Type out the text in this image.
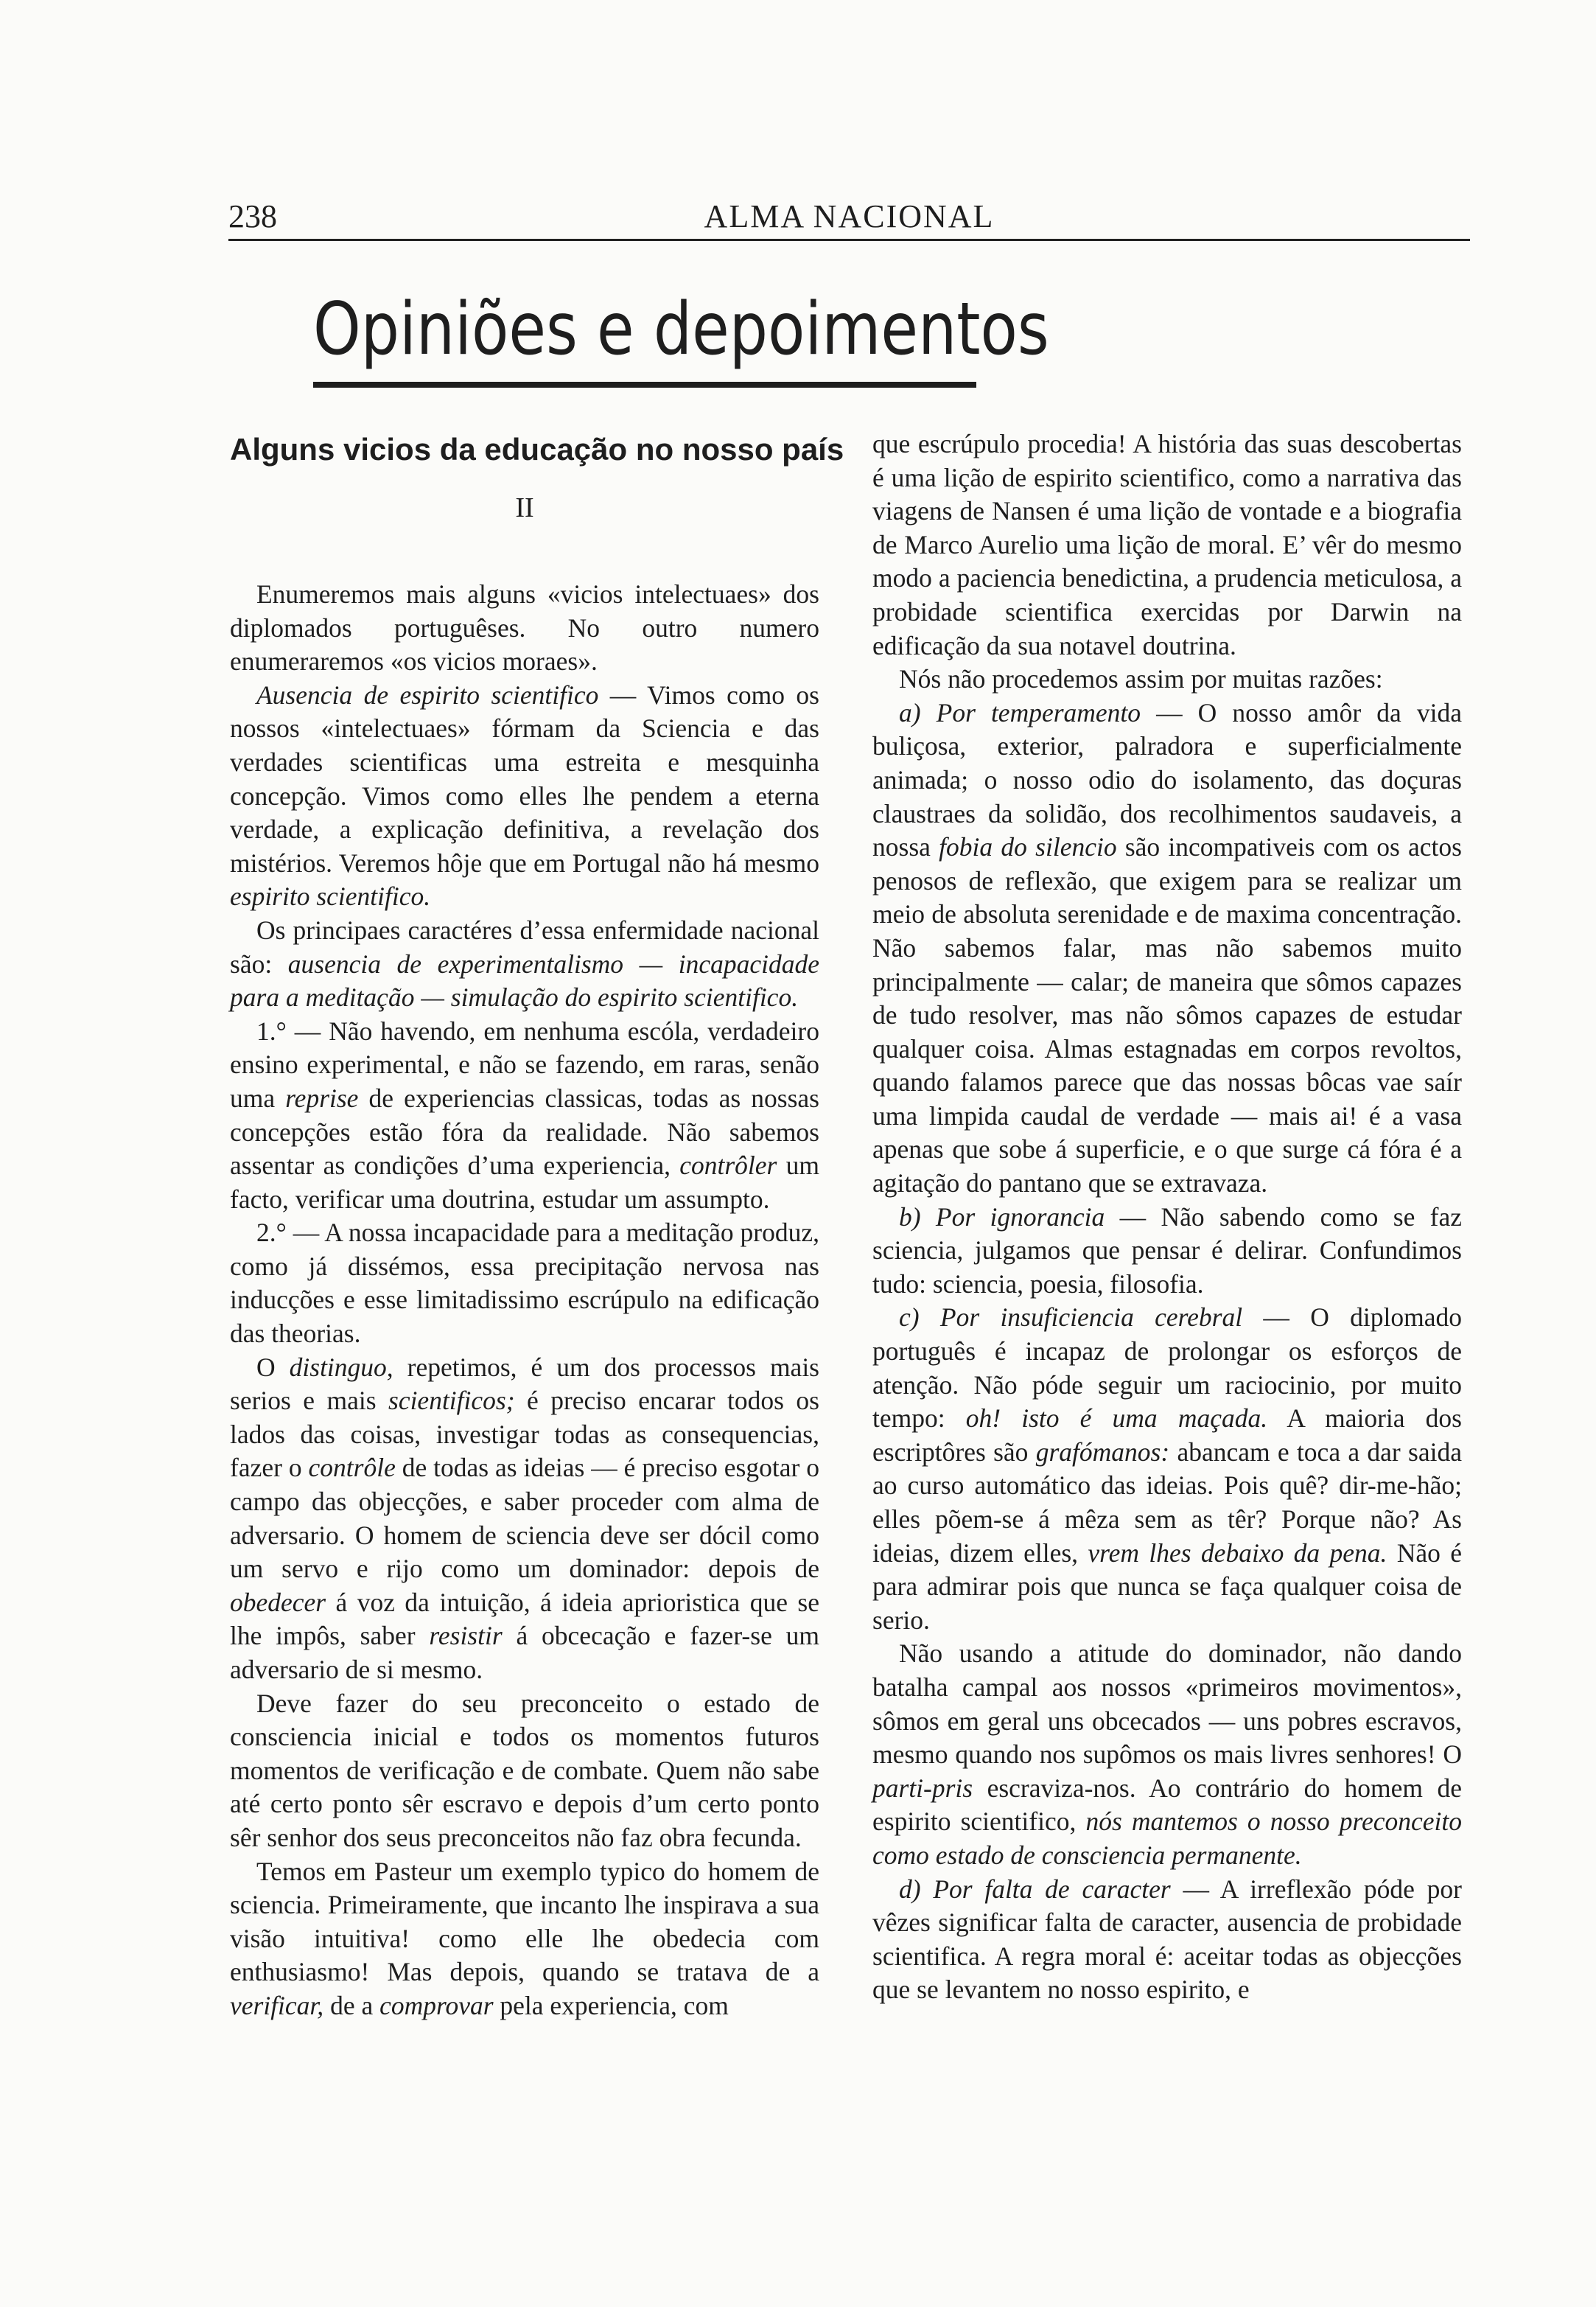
238	ALMA NACIONAL
Opiniões e depoimentos
Alguns vicios da educação no nosso país
II

Enumeremos mais alguns «vicios intelectuaes» dos diplomados portuguêses. No outro numero enumeraremos «os vicios moraes».

Ausencia de espirito scientifico — Vimos como os nossos «intelectuaes» fórmam da Sciencia e das verdades scientificas uma estreita e mesquinha concepção. Vimos como elles lhe pendem a eterna verdade, a explicação definitiva, a revelação dos mistérios. Veremos hôje que em Portugal não há mesmo espirito scientifico.

Os principaes caractéres d’essa enfermidade nacional são: ausencia de experimentalismo — incapacidade para a meditação — simulação do espirito scientifico.

1.° — Não havendo, em nenhuma escóla, verdadeiro ensino experimental, e não se fazendo, em raras, senão uma reprise de experiencias classicas, todas as nossas concepções estão fóra da realidade. Não sabemos assentar as condições d’uma experiencia, contrôler um facto, verificar uma doutrina, estudar um assumpto.

2.° — A nossa incapacidade para a meditação produz, como já dissémos, essa precipitação nervosa nas inducções e esse limitadissimo escrúpulo na edificação das theorias.

O distinguo, repetimos, é um dos processos mais serios e mais scientificos; é preciso encarar todos os lados das coisas, investigar todas as consequencias, fazer o contrôle de todas as ideias — é preciso esgotar o campo das objecções, e saber proceder com alma de adversario. O homem de sciencia deve ser dócil como um servo e rijo como um dominador: depois de obedecer á voz da intuição, á ideia aprioristica que se lhe impôs, saber resistir á obcecação e fazer-se um adversario de si mesmo.

Deve fazer do seu preconceito o estado de consciencia inicial e todos os momentos futuros momentos de verificação e de combate. Quem não sabe até certo ponto sêr escravo e depois d’um certo ponto sêr senhor dos seus preconceitos não faz obra fecunda.

Temos em Pasteur um exemplo typico do homem de sciencia. Primeiramente, que incanto lhe inspirava a sua visão intuitiva! como elle lhe obedecia com enthusiasmo! Mas depois, quando se tratava de a verificar, de a comprovar pela experiencia, com

que escrúpulo procedia! A história das suas descobertas é uma lição de espirito scientifico, como a narrativa das viagens de Nansen é uma lição de vontade e a biografia de Marco Aurelio uma lição de moral. E’ vêr do mesmo modo a paciencia benedictina, a prudencia meticulosa, a probidade scientifica exercidas por Darwin na edificação da sua notavel doutrina.

Nós não procedemos assim por muitas razões:

a) Por temperamento — O nosso amôr da vida buliçosa, exterior, palradora e superficialmente animada; o nosso odio do isolamento, das doçuras claustraes da solidão, dos recolhimentos saudaveis, a nossa fobia do silencio são incompativeis com os actos penosos de reflexão, que exigem para se realizar um meio de absoluta serenidade e de maxima concentração. Não sabemos falar, mas não sabemos muito principalmente — calar; de maneira que sômos capazes de tudo resolver, mas não sômos capazes de estudar qualquer coisa. Almas estagnadas em corpos revoltos, quando falamos parece que das nossas bôcas vae saír uma limpida caudal de verdade — mais ai! é a vasa apenas que sobe á superficie, e o que surge cá fóra é a agitação do pantano que se extravaza.

b) Por ignorancia — Não sabendo como se faz sciencia, julgamos que pensar é delirar. Confundimos tudo: sciencia, poesia, filosofia.

c) Por insuficiencia cerebral — O diplomado português é incapaz de prolongar os esforços de atenção. Não póde seguir um raciocinio, por muito tempo: oh! isto é uma maçada. A maioria dos escriptôres são grafómanos: abancam e toca a dar saida ao curso automático das ideias. Pois quê? dir-me-hão; elles põem-se á mêza sem as têr? Porque não? As ideias, dizem elles, vrem lhes debaixo da pena. Não é para admirar pois que nunca se faça qualquer coisa de serio.

Não usando a atitude do dominador, não dando batalha campal aos nossos «primeiros movimentos», sômos em geral uns obcecados — uns pobres escravos, mesmo quando nos supômos os mais livres senhores! O parti-pris escraviza-nos. Ao contrário do homem de espirito scientifico, nós mantemos o nosso preconceito como estado de consciencia permanente.

d) Por falta de caracter — A irreflexão póde por vêzes significar falta de caracter, ausencia de probidade scientifica. A regra moral é: aceitar todas as objecções que se levantem no nosso espirito, e
